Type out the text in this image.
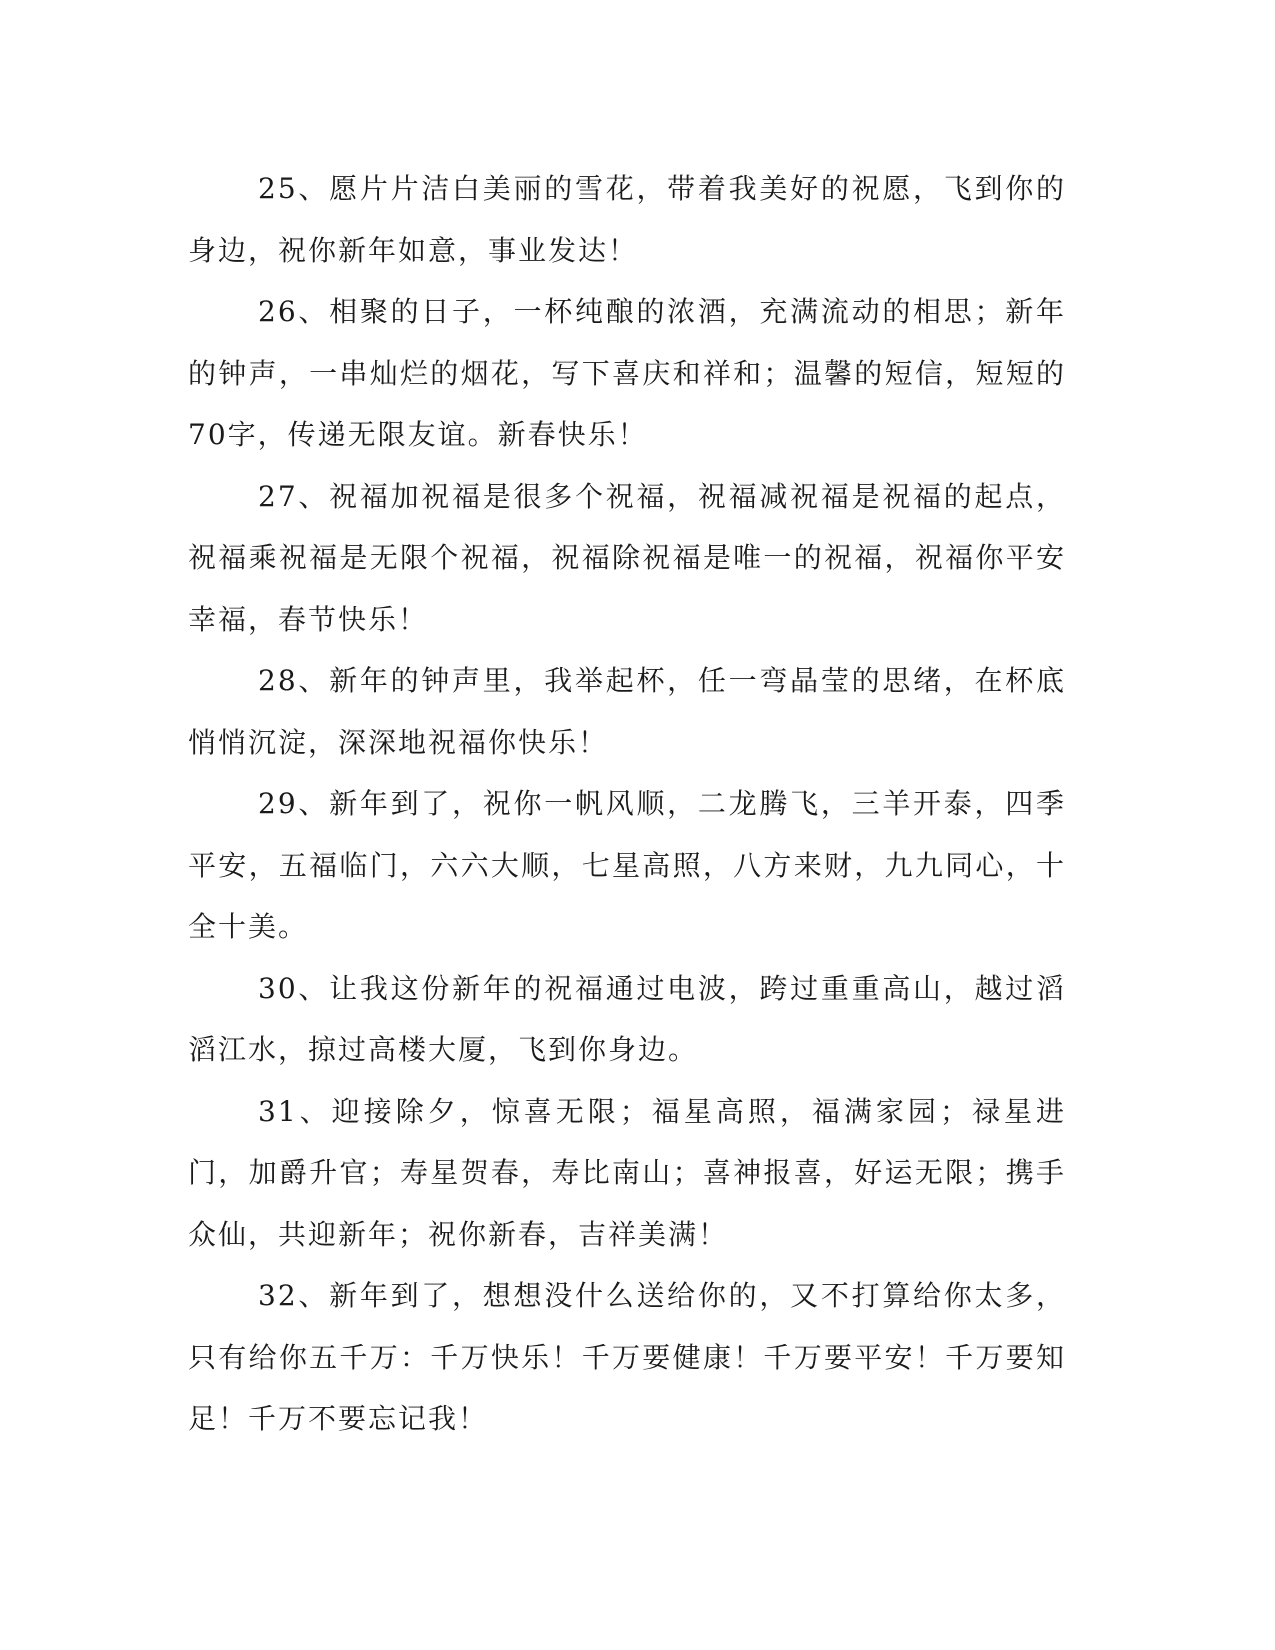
25、愿片片洁白美丽的雪花，带着我美好的祝愿，飞到你的身边，祝你新年如意，事业发达！

26、相聚的日子，一杯纯酿的浓酒，充满流动的相思；新年的钟声，一串灿烂的烟花，写下喜庆和祥和；温馨的短信，短短的70字，传递无限友谊。新春快乐！

27、祝福加祝福是很多个祝福，祝福减祝福是祝福的起点，祝福乘祝福是无限个祝福，祝福除祝福是唯一的祝福，祝福你平安幸福，春节快乐！

28、新年的钟声里，我举起杯，任一弯晶莹的思绪，在杯底悄悄沉淀，深深地祝福你快乐！

29、新年到了，祝你一帆风顺，二龙腾飞，三羊开泰，四季平安，五福临门，六六大顺，七星高照，八方来财，九九同心，十全十美。

30、让我这份新年的祝福通过电波，跨过重重高山，越过滔滔江水，掠过高楼大厦，飞到你身边。

31、迎接除夕，惊喜无限；福星高照，福满家园；禄星进门，加爵升官；寿星贺春，寿比南山；喜神报喜，好运无限；携手众仙，共迎新年；祝你新春，吉祥美满！

32、新年到了，想想没什么送给你的，又不打算给你太多，只有给你五千万：千万快乐！千万要健康！千万要平安！千万要知足！千万不要忘记我！
